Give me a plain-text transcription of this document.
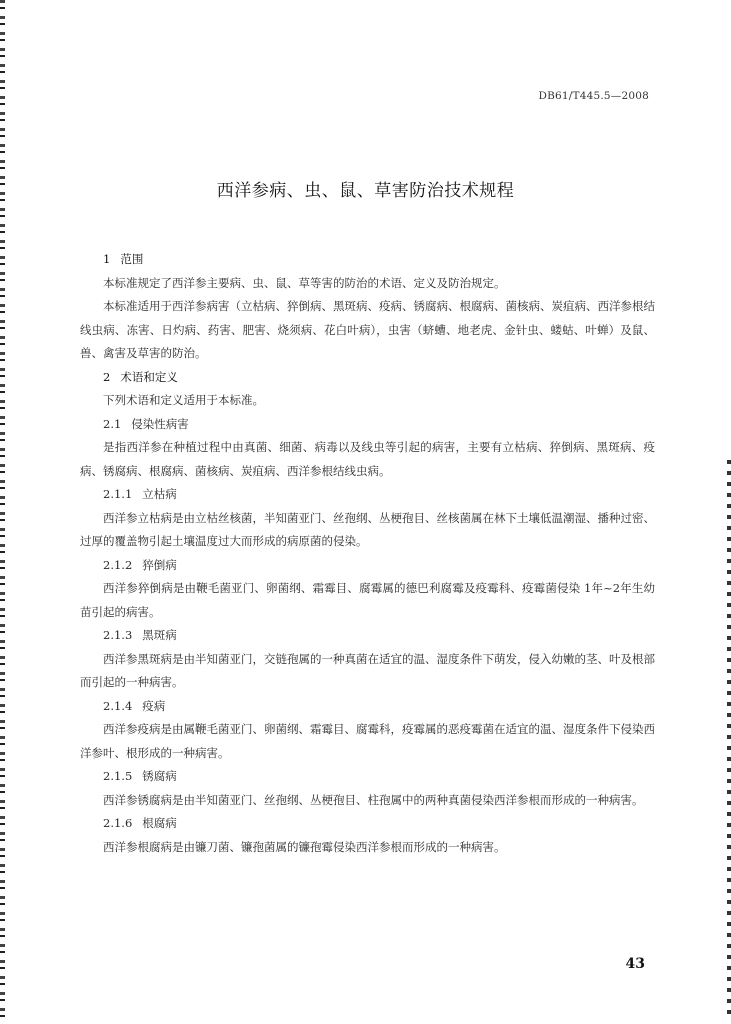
DB61/T445.5—2008
西洋参病、虫、鼠、草害防治技术规程

1 范围

本标准规定了西洋参主要病、虫、鼠、草等害的防治的术语、定义及防治规定。

本标准适用于西洋参病害（立枯病、猝倒病、黑斑病、疫病、锈腐病、根腐病、菌核病、炭疽病、西洋参根结线虫病、冻害、日灼病、药害、肥害、烧须病、花白叶病），虫害（蛴螬、地老虎、金针虫、蝼蛄、叶蝉）及鼠、兽、禽害及草害的防治。

2 术语和定义

下列术语和定义适用于本标准。

2.1 侵染性病害

是指西洋参在种植过程中由真菌、细菌、病毒以及线虫等引起的病害，主要有立枯病、猝倒病、黑斑病、疫病、锈腐病、根腐病、菌核病、炭疽病、西洋参根结线虫病。

2.1.1 立枯病

西洋参立枯病是由立枯丝核菌，半知菌亚门、丝孢纲、丛梗孢目、丝核菌属在林下土壤低温潮湿、播种过密、过厚的覆盖物引起土壤温度过大而形成的病原菌的侵染。

2.1.2 猝倒病

西洋参猝倒病是由鞭毛菌亚门、卵菌纲、霜霉目、腐霉属的德巴利腐霉及疫霉科、疫霉菌侵染 1年~2年生幼苗引起的病害。

2.1.3 黑斑病

西洋参黑斑病是由半知菌亚门，交链孢属的一种真菌在适宜的温、湿度条件下萌发，侵入幼嫩的茎、叶及根部而引起的一种病害。

2.1.4 疫病

西洋参疫病是由属鞭毛菌亚门、卵菌纲、霜霉目、腐霉科，疫霉属的恶疫霉菌在适宜的温、湿度条件下侵染西洋参叶、根形成的一种病害。

2.1.5 锈腐病

西洋参锈腐病是由半知菌亚门、丝孢纲、丛梗孢目、柱孢属中的两种真菌侵染西洋参根而形成的一种病害。

2.1.6 根腐病

西洋参根腐病是由镰刀菌、镰孢菌属的镰孢霉侵染西洋参根而形成的一种病害。

43
